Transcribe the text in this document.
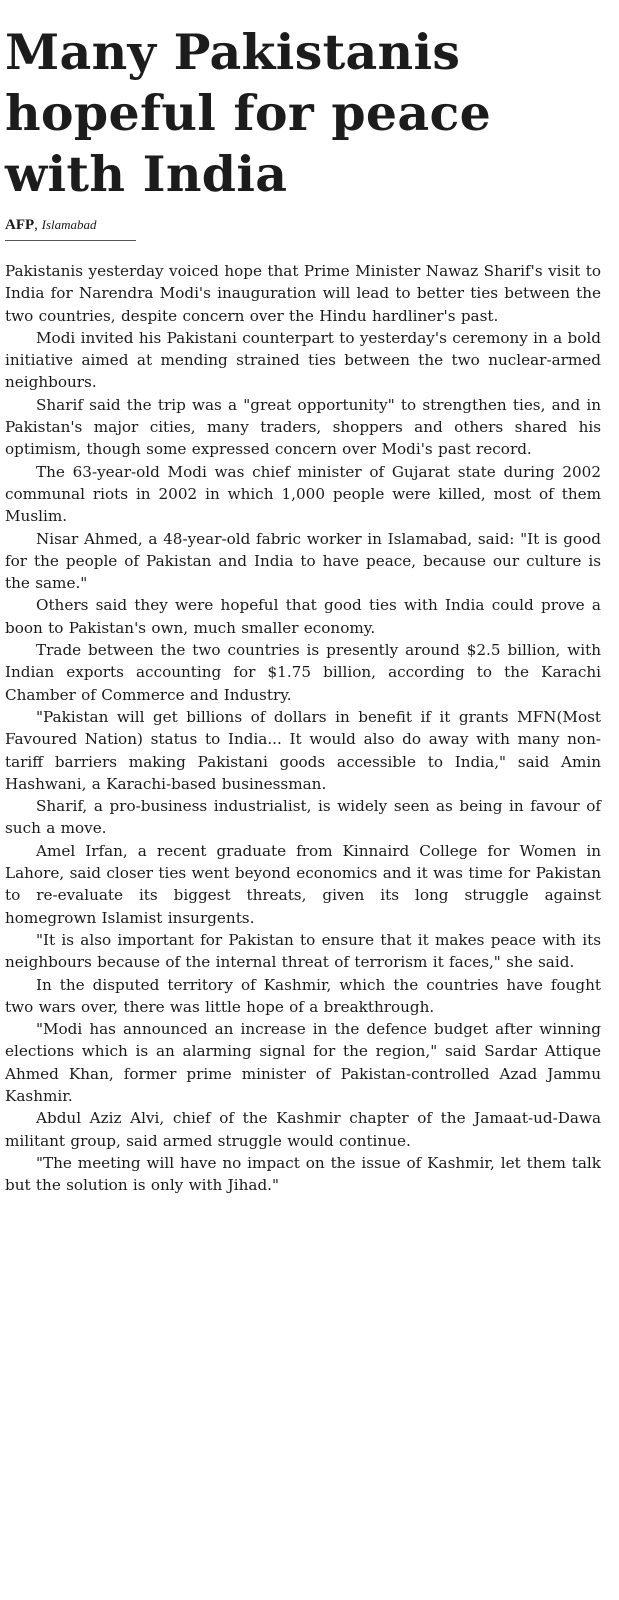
Many Pakistanis hopeful for peace with India
AFP, Islamabad

Pakistanis yesterday voiced hope that Prime Minister Nawaz Sharif's visit to India for Narendra Modi's inauguration will lead to better ties between the two countries, despite concern over the Hindu hardliner's past.

Modi invited his Pakistani counterpart to yesterday's ceremony in a bold initiative aimed at mending strained ties between the two nuclear-armed neighbours.

Sharif said the trip was a "great opportunity" to strengthen ties, and in Pakistan's major cities, many traders, shoppers and others shared his optimism, though some expressed concern over Modi's past record.

The 63-year-old Modi was chief minister of Gujarat state during 2002 communal riots in 2002 in which 1,000 people were killed, most of them Muslim.

Nisar Ahmed, a 48-year-old fabric worker in Islamabad, said: "It is good for the people of Pakistan and India to have peace, because our culture is the same."

Others said they were hopeful that good ties with India could prove a boon to Pakistan's own, much smaller economy.

Trade between the two countries is presently around $2.5 billion, with Indian exports accounting for $1.75 billion, according to the Karachi Chamber of Commerce and Industry.

"Pakistan will get billions of dollars in benefit if it grants MFN(Most Favoured Nation) status to India... It would also do away with many non-tariff barriers making Pakistani goods accessible to India," said Amin Hashwani, a Karachi-based businessman.

Sharif, a pro-business industrialist, is widely seen as being in favour of such a move.

Amel Irfan, a recent graduate from Kinnaird College for Women in Lahore, said closer ties went beyond economics and it was time for Pakistan to re-evaluate its biggest threats, given its long struggle against homegrown Islamist insurgents.

"It is also important for Pakistan to ensure that it makes peace with its neighbours because of the internal threat of terrorism it faces," she said.

In the disputed territory of Kashmir, which the countries have fought two wars over, there was little hope of a breakthrough.

"Modi has announced an increase in the defence budget after winning elections which is an alarming signal for the region," said Sardar Attique Ahmed Khan, former prime minister of Pakistan-controlled Azad Jammu Kashmir.

Abdul Aziz Alvi, chief of the Kashmir chapter of the Jamaat-ud-Dawa militant group, said armed struggle would continue.

"The meeting will have no impact on the issue of Kashmir, let them talk but the solution is only with Jihad."
